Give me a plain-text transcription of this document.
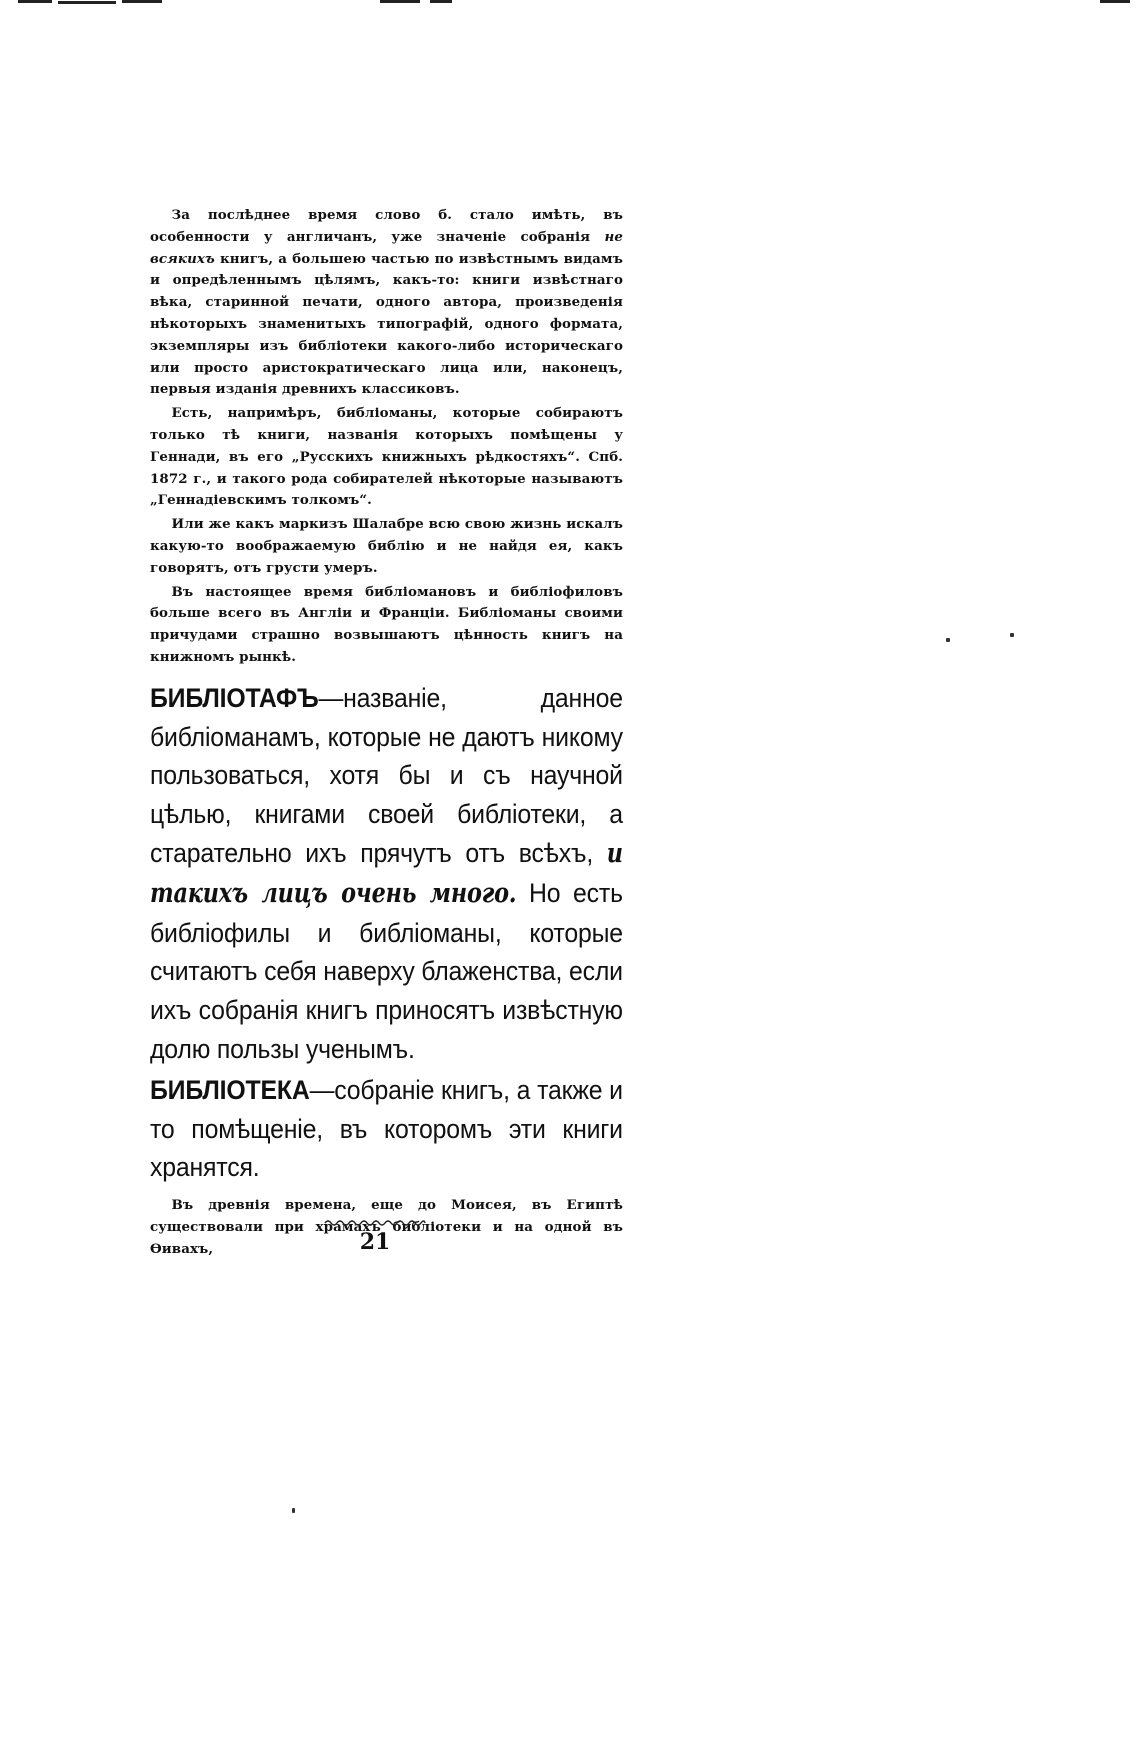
За послѣднее время слово б. стало имѣть, въ особенности у англичанъ, уже значеніе собранія не всякихъ книгъ, а большею частью по извѣстнымъ видамъ и опредѣленнымъ цѣлямъ, какъ-то: книги извѣстнаго вѣка, старинной печати, одного автора, произведенія нѣкоторыхъ знаменитыхъ типографій, одного формата, экземпляры изъ библіотеки какого-либо историческаго или просто аристократическаго лица или, наконецъ, первыя изданія древнихъ классиковъ.

Есть, напримѣръ, библіоманы, которые собираютъ только тѣ книги, названія которыхъ помѣщены у Геннади, въ его „Русскихъ книжныхъ рѣдкостяхъ“. Спб. 1872 г., и такого рода собирателей нѣкоторые называютъ „Геннадіевскимъ толкомъ“.

Или же какъ маркизъ Шалабре всю свою жизнь искалъ какую-то воображаемую библію и не найдя ея, какъ говорятъ, отъ грусти умеръ.

Въ настоящее время библіомановъ и библіофиловъ больше всего въ Англіи и Франціи. Библіоманы своими причудами страшно возвышаютъ цѣнность книгъ на книжномъ рынкѣ.

БИБЛІОТАФЪ—названіе, данное библіоманамъ, которые не даютъ никому пользоваться, хотя бы и съ научной цѣлью, книгами своей библіотеки, а старательно ихъ прячутъ отъ всѣхъ, и такихъ лицъ очень много. Но есть библіофилы и библіоманы, которые считаютъ себя наверху блаженства, если ихъ собранія книгъ приносятъ извѣстную долю пользы ученымъ.

БИБЛІОТЕКА—собраніе книгъ, а также и то помѣщеніе, въ которомъ эти книги хранятся.

Въ древнія времена, еще до Моисея, въ Египтѣ существовали при храмахъ библіотеки и на одной въ Ѳивахъ,	21
